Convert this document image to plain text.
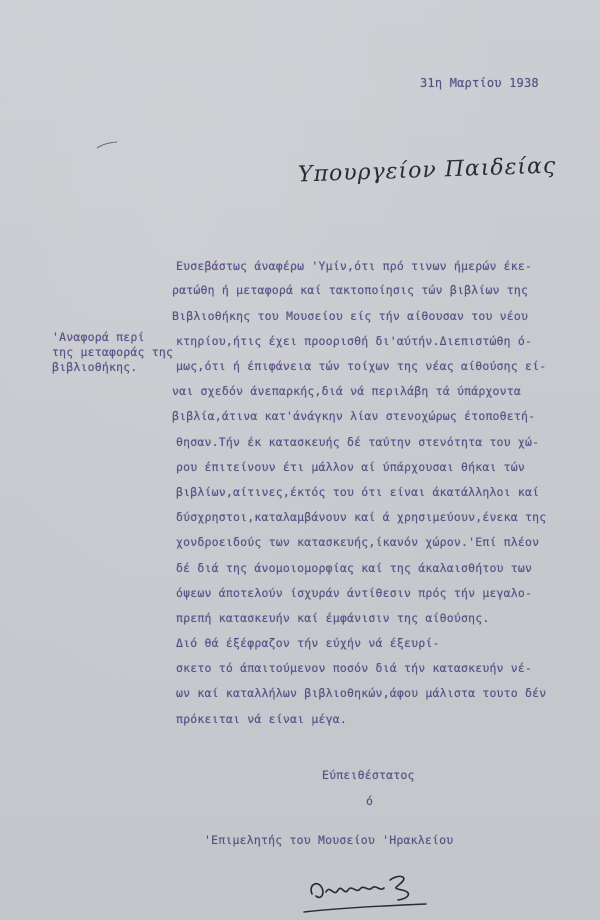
31η Μαρτίου 1938
Υπουργείον Παιδείας
'Αναφορά περί
της μεταφοράς της
βιβλιοθήκης.
Ευσεβάστως άναφέρω 'Υμίν,ότι πρό τινων ήμερών έκε-
ρατώθη ή μεταφορά καί τακτοποίησις τών βιβλίων της
Βιβλιοθήκης του Μουσείου είς τήν αίθουσαν του νέου
κτηρίου,ήτις έχει προορισθή δι'αύτήν.Διεπιστώθη ό-
μως,ότι ή έπιφάνεια τών τοίχων της νέας αίθούσης εί-
ναι σχεδόν άνεπαρκής,διά νά περιλάβη τά ύπάρχοντα
βιβλία,άτινα κατ'άνάγκην λίαν στενοχώρως έτοποθετή-
θησαν.Τήν έκ κατασκευής δέ ταύτην στενότητα του χώ-
ρου έπιτείνουν έτι μάλλον αί ύπάρχουσαι θήκαι τών
βιβλίων,αίτινες,έκτός του ότι είναι άκατάλληλοι καί
δύσχρηστοι,καταλαμβάνουν καί ά χρησιμεύουν,ένεκα της
χονδροειδούς των κατασκευής,ίκανόν χώρον.'Επί πλέον
δέ διά της άνομοιομορφίας καί της άκαλαισθήτου των
όψεων άποτελούν ίσχυράν άντίθεσιν πρός τήν μεγαλο-
πρεπή κατασκευήν καί έμφάνισιν της αίθούσης.
Διό θά έξέφραζον τήν εύχήν νά έξευρί-
σκετο τό άπαιτούμενον ποσόν διά τήν κατασκευήν νέ-
ων καί καταλλήλων βιβλιοθηκών,άφου μάλιστα τουτο δέν
πρόκειται νά είναι μέγα.
Εύπειθέστατος
ό
'Επιμελητής του Μουσείου 'Ηρακλείου
